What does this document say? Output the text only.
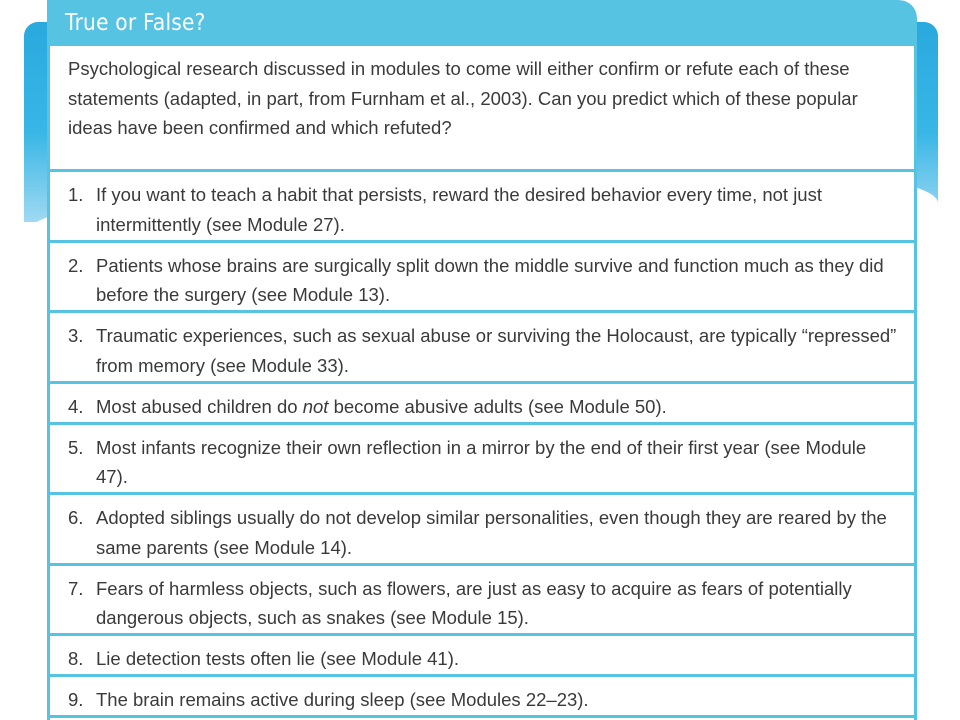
True or False?
Psychological research discussed in modules to come will either confirm or refute each of these statements (adapted, in part, from Furnham et al., 2003). Can you predict which of these popular ideas have been confirmed and which refuted?
1. If you want to teach a habit that persists, reward the desired behavior every time, not just intermittently (see Module 27).
2. Patients whose brains are surgically split down the middle survive and function much as they did before the surgery (see Module 13).
3. Traumatic experiences, such as sexual abuse or surviving the Holocaust, are typically “repressed” from memory (see Module 33).
4. Most abused children do not become abusive adults (see Module 50).
5. Most infants recognize their own reflection in a mirror by the end of their first year (see Module 47).
6. Adopted siblings usually do not develop similar personalities, even though they are reared by the same parents (see Module 14).
7. Fears of harmless objects, such as flowers, are just as easy to acquire as fears of potentially dangerous objects, such as snakes (see Module 15).
8. Lie detection tests often lie (see Module 41).
9. The brain remains active during sleep (see Modules 22–23).
